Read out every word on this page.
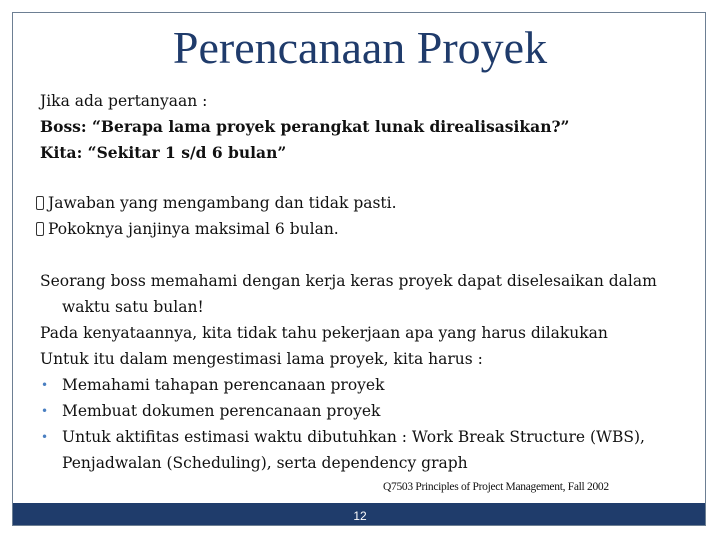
Perencanaan Proyek
Jika ada pertanyaan :
Boss: “Berapa lama proyek perangkat lunak direalisasikan?”
Kita: “Sekitar 1 s/d 6 bulan”
Jawaban yang mengambang dan tidak pasti.
Pokoknya janjinya maksimal 6 bulan.
Seorang boss memahami dengan kerja keras proyek dapat diselesaikan dalam
waktu satu bulan!
Pada kenyataannya, kita tidak tahu pekerjaan apa yang harus dilakukan
Untuk itu dalam mengestimasi lama proyek, kita harus :
• Memahami tahapan perencanaan proyek
• Membuat dokumen perencanaan proyek
• Untuk aktifitas estimasi waktu dibutuhkan : Work Break Structure (WBS),
Penjadwalan (Scheduling), serta dependency graph
Q7503 Principles of Project Management, Fall 2002
12
